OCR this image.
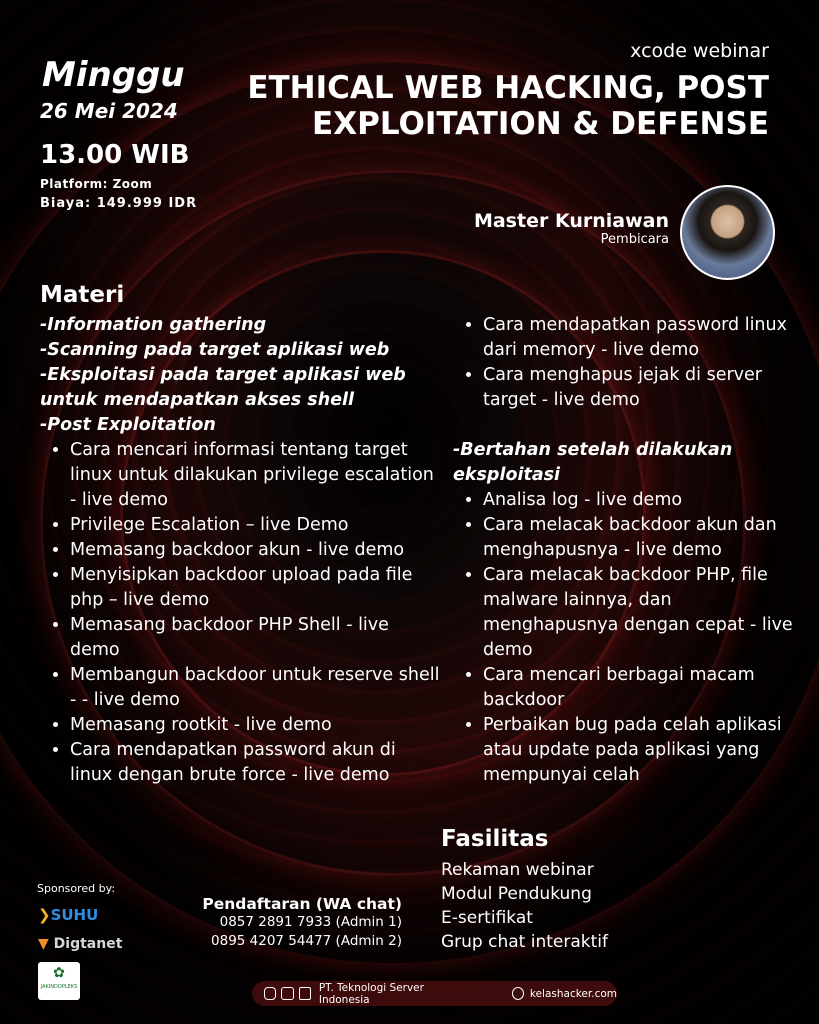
Minggu
26 Mei 2024
13.00 WIB
Platform: Zoom
Biaya: 149.999 IDR
xcode webinar
ETHICAL WEB HACKING, POST
EXPLOITATION & DEFENSE
Master Kurniawan
Pembicara
Materi
-Information gathering
-Scanning pada target aplikasi web
-Eksploitasi pada target aplikasi web untuk mendapatkan akses shell
-Post Exploitation
• Cara mencari informasi tentang target linux untuk dilakukan privilege escalation - live demo
• Privilege Escalation – live Demo
• Memasang backdoor akun - live demo
• Menyisipkan backdoor upload pada file php – live demo
• Memasang backdoor PHP Shell - live demo
• Membangun backdoor untuk reserve shell - - live demo
• Memasang rootkit - live demo
• Cara mendapatkan password akun di linux dengan brute force - live demo
• Cara mendapatkan password linux dari memory - live demo
• Cara menghapus jejak di server target - live demo
-Bertahan setelah dilakukan eksploitasi
• Analisa log - live demo
• Cara melacak backdoor akun dan menghapusnya - live demo
• Cara melacak backdoor PHP, file malware lainnya, dan menghapusnya dengan cepat - live demo
• Cara mencari berbagai macam backdoor
• Perbaikan bug pada celah aplikasi atau update pada aplikasi yang mempunyai celah
Fasilitas
Rekaman webinar
Modul Pendukung
E-sertifikat
Grup chat interaktif
Sponsored by:
❯SUHU
▼ Digtanet
✿
JAKINDOPLEKS
Pendaftaran (WA chat)
0857 2891 7933 (Admin 1)
0895 4207 54477 (Admin 2)
PT. Teknologi Server Indonesia	kelashacker.com
